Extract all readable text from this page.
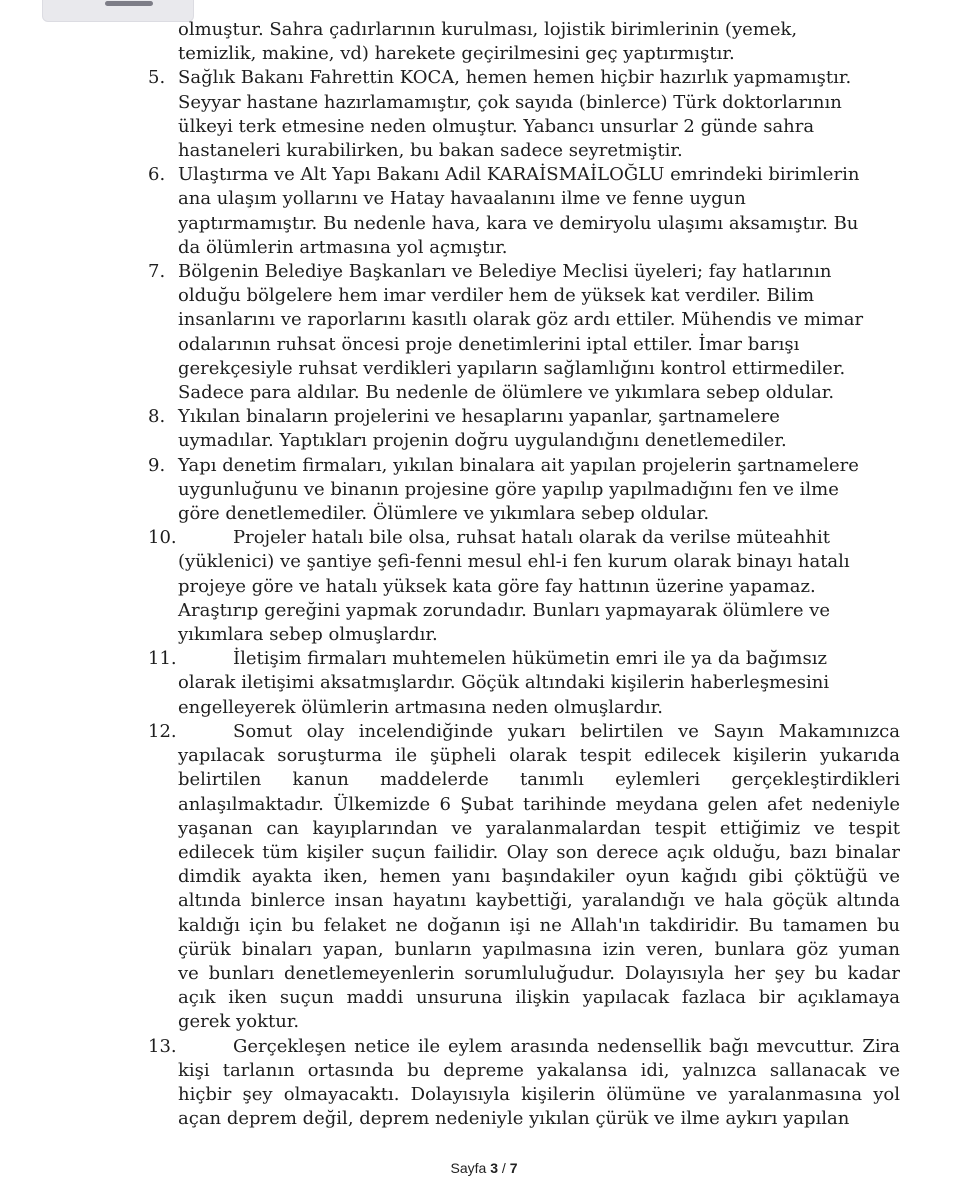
olmuştur. Sahra çadırlarının kurulması, lojistik birimlerinin (yemek,
temizlik, makine, vd) harekete geçirilmesini geç yaptırmıştır.
5. Sağlık Bakanı Fahrettin KOCA, hemen hemen hiçbir hazırlık yapmamıştır.
Seyyar hastane hazırlamamıştır, çok sayıda (binlerce) Türk doktorlarının
ülkeyi terk etmesine neden olmuştur. Yabancı unsurlar 2 günde sahra
hastaneleri kurabilirken, bu bakan sadece seyretmiştir.
6. Ulaştırma ve Alt Yapı Bakanı Adil KARAİSMAİLOĞLU emrindeki birimlerin
ana ulaşım yollarını ve Hatay havaalanını ilme ve fenne uygun
yaptırmamıştır. Bu nedenle hava, kara ve demiryolu ulaşımı aksamıştır. Bu
da ölümlerin artmasına yol açmıştır.
7. Bölgenin Belediye Başkanları ve Belediye Meclisi üyeleri; fay hatlarının
olduğu bölgelere hem imar verdiler hem de yüksek kat verdiler. Bilim
insanlarını ve raporlarını kasıtlı olarak göz ardı ettiler. Mühendis ve mimar
odalarının ruhsat öncesi proje denetimlerini iptal ettiler. İmar barışı
gerekçesiyle ruhsat verdikleri yapıların sağlamlığını kontrol ettirmediler.
Sadece para aldılar. Bu nedenle de ölümlere ve yıkımlara sebep oldular.
8. Yıkılan binaların projelerini ve hesaplarını yapanlar, şartnamelere
uymadılar. Yaptıkları projenin doğru uygulandığını denetlemediler.
9. Yapı denetim firmaları, yıkılan binalara ait yapılan projelerin şartnamelere
uygunluğunu ve binanın projesine göre yapılıp yapılmadığını fen ve ilme
göre denetlemediler. Ölümlere ve yıkımlara sebep oldular.
10.	Projeler hatalı bile olsa, ruhsat hatalı olarak da verilse müteahhit
(yüklenici) ve şantiye şefi-fenni mesul ehl-i fen kurum olarak binayı hatalı
projeye göre ve hatalı yüksek kata göre fay hattının üzerine yapamaz.
Araştırıp gereğini yapmak zorundadır. Bunları yapmayarak ölümlere ve
yıkımlara sebep olmuşlardır.
11.	İletişim firmaları muhtemelen hükümetin emri ile ya da bağımsız
olarak iletişimi aksatmışlardır. Göçük altındaki kişilerin haberleşmesini
engelleyerek ölümlerin artmasına neden olmuşlardır.
12.	Somut olay incelendiğinde yukarı belirtilen ve Sayın Makamınızca
yapılacak soruşturma ile şüpheli olarak tespit edilecek kişilerin yukarıda
belirtilen kanun maddelerde tanımlı eylemleri gerçekleştirdikleri
anlaşılmaktadır. Ülkemizde 6 Şubat tarihinde meydana gelen afet nedeniyle
yaşanan can kayıplarından ve yaralanmalardan tespit ettiğimiz ve tespit
edilecek tüm kişiler suçun failidir. Olay son derece açık olduğu, bazı binalar
dimdik ayakta iken, hemen yanı başındakiler oyun kağıdı gibi çöktüğü ve
altında binlerce insan hayatını kaybettiği, yaralandığı ve hala göçük altında
kaldığı için bu felaket ne doğanın işi ne Allah'ın takdiridir. Bu tamamen bu
çürük binaları yapan, bunların yapılmasına izin veren, bunlara göz yuman
ve bunları denetlemeyenlerin sorumluluğudur. Dolayısıyla her şey bu kadar
açık iken suçun maddi unsuruna ilişkin yapılacak fazlaca bir açıklamaya
gerek yoktur.
13.	Gerçekleşen netice ile eylem arasında nedensellik bağı mevcuttur. Zira
kişi tarlanın ortasında bu depreme yakalansa idi, yalnızca sallanacak ve
hiçbir şey olmayacaktı. Dolayısıyla kişilerin ölümüne ve yaralanmasına yol
açan deprem değil, deprem nedeniyle yıkılan çürük ve ilme aykırı yapılan
Sayfa 3 / 7
